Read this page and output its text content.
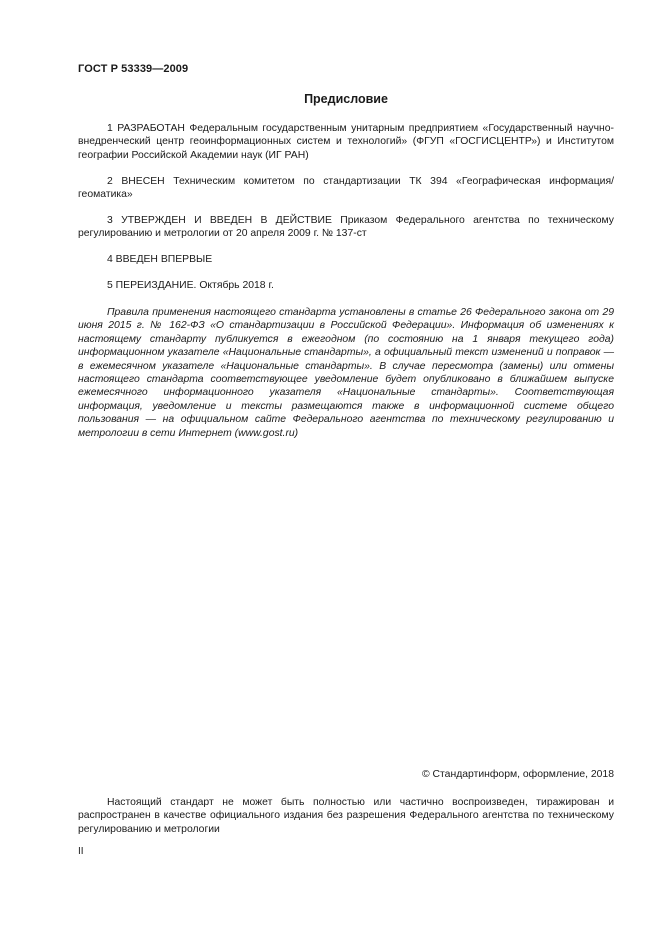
ГОСТ Р 53339—2009
Предисловие
1 РАЗРАБОТАН Федеральным государственным унитарным предприятием «Государственный научно-внедренческий центр геоинформационных систем и технологий» (ФГУП «ГОСГИСЦЕНТР») и Институтом географии Российской Академии наук (ИГ РАН)
2 ВНЕСЕН Техническим комитетом по стандартизации ТК 394 «Географическая информация/геоматика»
3 УТВЕРЖДЕН И ВВЕДЕН В ДЕЙСТВИЕ Приказом Федерального агентства по техническому регулированию и метрологии от 20 апреля 2009 г. № 137-ст
4 ВВЕДЕН ВПЕРВЫЕ
5 ПЕРЕИЗДАНИЕ. Октябрь 2018 г.
Правила применения настоящего стандарта установлены в статье 26 Федерального закона от 29 июня 2015 г. № 162-ФЗ «О стандартизации в Российской Федерации». Информация об изменениях к настоящему стандарту публикуется в ежегодном (по состоянию на 1 января текущего года) информационном указателе «Национальные стандарты», а официальный текст изменений и поправок — в ежемесячном указателе «Национальные стандарты». В случае пересмотра (замены) или отмены настоящего стандарта соответствующее уведомление будет опубликовано в ближайшем выпуске ежемесячного информационного указателя «Национальные стандарты». Соответствующая информация, уведомление и тексты размещаются также в информационной системе общего пользования — на официальном сайте Федерального агентства по техническому регулированию и метрологии в сети Интернет (www.gost.ru)
© Стандартинформ, оформление, 2018
Настоящий стандарт не может быть полностью или частично воспроизведен, тиражирован и распространен в качестве официального издания без разрешения Федерального агентства по техническому регулированию и метрологии
II
